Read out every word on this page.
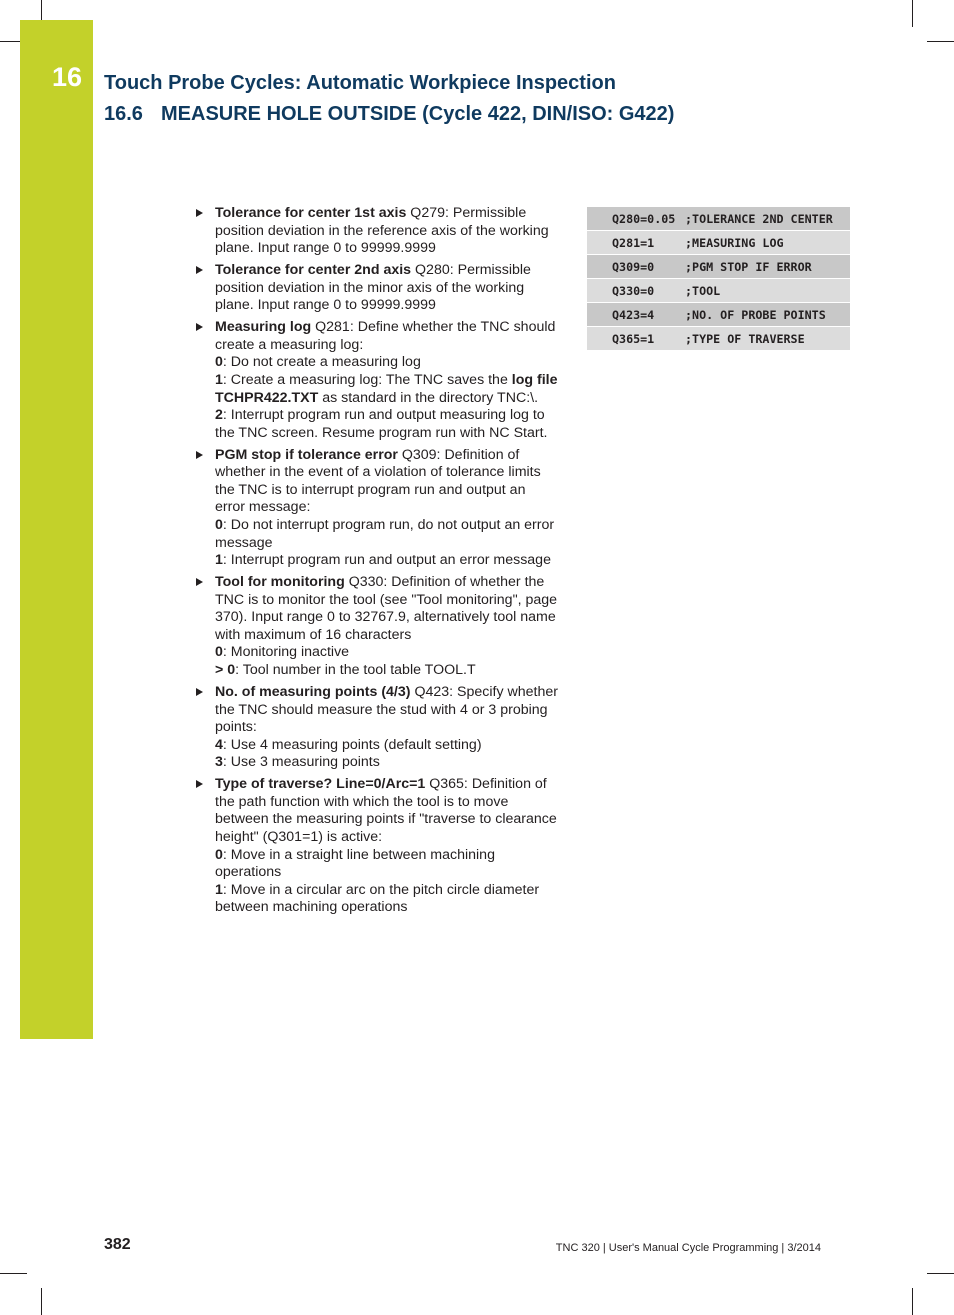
16 Touch Probe Cycles: Automatic Workpiece Inspection
16.6 MEASURE HOLE OUTSIDE (Cycle 422, DIN/ISO: G422)
Tolerance for center 1st axis Q279: Permissible position deviation in the reference axis of the working plane. Input range 0 to 99999.9999
Tolerance for center 2nd axis Q280: Permissible position deviation in the minor axis of the working plane. Input range 0 to 99999.9999
Measuring log Q281: Define whether the TNC should create a measuring log:
0: Do not create a measuring log
1: Create a measuring log: The TNC saves the log file TCHPR422.TXT as standard in the directory TNC:\.
2: Interrupt program run and output measuring log to the TNC screen. Resume program run with NC Start.
PGM stop if tolerance error Q309: Definition of whether in the event of a violation of tolerance limits the TNC is to interrupt program run and output an error message:
0: Do not interrupt program run, do not output an error message
1: Interrupt program run and output an error message
Tool for monitoring Q330: Definition of whether the TNC is to monitor the tool (see "Tool monitoring", page 370). Input range 0 to 32767.9, alternatively tool name with maximum of 16 characters
0: Monitoring inactive
> 0: Tool number in the tool table TOOL.T
No. of measuring points (4/3) Q423: Specify whether the TNC should measure the stud with 4 or 3 probing points:
4: Use 4 measuring points (default setting)
3: Use 3 measuring points
Type of traverse? Line=0/Arc=1 Q365: Definition of the path function with which the tool is to move between the measuring points if "traverse to clearance height" (Q301=1) is active:
0: Move in a straight line between machining operations
1: Move in a circular arc on the pitch circle diameter between machining operations
Q280=0.05	;TOLERANCE 2ND CENTER
Q281=1	;MEASURING LOG
Q309=0	;PGM STOP IF ERROR
Q330=0	;TOOL
Q423=4	;NO. OF PROBE POINTS
Q365=1	;TYPE OF TRAVERSE
382	TNC 320 | User's Manual Cycle Programming | 3/2014
